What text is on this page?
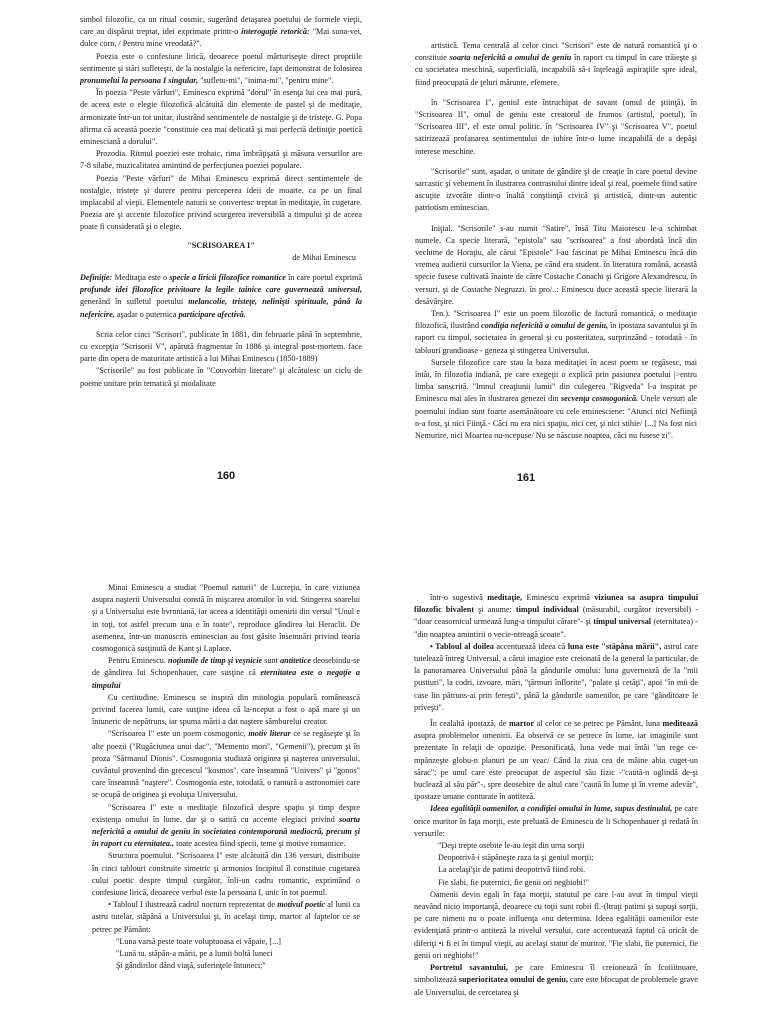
simbol filozofic, ca un ritual cosmic, sugerând detaşarea poetului de formele vieţii, care au dispărut treptat, idei exprimate printr-o interogaţie retorică: "Mai suna-vei, dulce corn, / Pentru mine vreodată?".

Poezia este o confesiune lirică, deoarece poetul mărturiseşte direct propriile sentimente şi stări sufleteşti, de la nostalgie la nefericire, fapt demonstrat de folosirea pronumelui la persoana I singular, "sufletu-mi", "inima-mi", "pentru mine".

În poezia "Peste vârfuri", Eminescu exprimă "dorul" în esenţa lui cea mai pură, de aceea este o elegie filozofică alcătuită din elemente de pastel şi de meditaţie, armonizate într-un tot unitar, ilustrând sentimentele de nostalgie şi de tristeţe. G. Popa afirma că această poezie "constituie cea mai delicată şi mai perfectă definiţie poetică eminesciană a dorului".

Prozodia. Ritmul poeziei este trohaic, rima îmbrăţişată şi măsura versurilor are 7-8 silabe, muzicalitatea amintind de perfecţiunea poeziei populare.

Poezia "Peste vârfuri" de Mihai Eminescu exprimă direct sentimentele de nostalgie, tristeţe şi durere pentru perceperea ideii de moarte, ca pe un final implacabil al vieţii. Elementele naturii se convertesc treptat în meditaţie, în cugetare. Poezia are şi accente filozofice privind scurgerea ireversibilă a timpului şi de aceea poate fi considerată şi o elegie.

"SCRISOAREA I"

de Mihai Eminescu

Definiţie: Meditaţia este o specie a liricii filozofice romantice în care poetul exprimă profunde idei filozofice privitoare la legile tainice care guvernează universul, generând în sufletul poetului melancolie, tristeţe, nelinişti spirituale, până la nefericire, aşadar o puternica participare afectivă.

Scria celor cinci "Scrisori", publicate în 1881, din februarie până în septembrie, cu excepţia "Scrisorii V", apărută fragmentar în 1886 şi integral post-mortem. face parte din opera de maturitate artistică a lui Mihai Eminescu (1850-1889)

"Scrisorile" au fost publicate în "Convorbiri literare" şi alcătuiesc un ciclu de poeme unitare prin tematică şi modalitate

160

artistică. Tema centrală al celor cinci "Scrisori" este de natură romantică şi o constituie soarta nefericită a omului de geniu în raport cu timpul în care trăieşte şi cu societatea meschină, superficială, incapabilă să-i înţeleagă aspiraţiile spre ideal, fiind preocupată de ţeluri mărunte, efemere.

în "Scrisoarea I", geniul este întruchipat de savant (omul de ştiinţă), în "Scrisoarea II", omul de geniu este creatorul de frumos (artistul, poetul), în "Scrisoarea III", el este omul politic. în "Scrisoarea IV" şi "Scrisoarea V", poetul satirizează profanarea sentimentului de iubire într-o lume incapabilă de a depăşi interese meschine.

"Scrisorile" sunt, aşadar, o unitate de gândire şi de creaţie în care poetul devine sarcastic şi vehement în ilustrarea contrastului dintre ideal şi real, poemele fiind satire ascuţite izvorâte dintr-o înaltă conştiinţă civică şi artistică, dintr-un autentic patriotism eminescian.

Iniţial. "Scrisorile" s-au numit "Satire", însă Titu Maiorescu le-a schimbat numele. Ca specie literară, "epistola" sau "scrisoarea" a fost abordată încă din vechime de Horaţiu, ale cărui "Epistole" l-au fascinat pe Mihai Eminescu încă din vremea audierii cursurilor la Viena, pe când era student. în literatura română, această specie fusese cultivată înainte de către Costache Conachi şi Grigore Alexandrescu, în versuri, şi de Costache Negruzzi. în pro/..: Eminescu duce această specie literară la desăvârşire.

Ten.). "Scrisoarea I" este un poem filozofic de factură romantică, o meditaţie filozofică, ilustrând condiţia nefericită a omului de geniu, în ipostaza savantului şi în raport cu timpul, societatea în general şi cu posteritatea, surprinzând - totodată - în tablouri grandioase - geneza şi stingerea Universului.

Sursele filozofice care stau la baza meditaţiei în acest poem se regăsesc, mai întâi, în filozofia indiană, pe care exegeţii o explică prin pasiunea poetului |>entru limba sanscrită. "Imnul creaţiunii lumii" din culegerea "Rigveda" l-a inspirat pe Eminescu mai ales în ilustrarea genezei din secvenţa cosmogonică. Unele versuri ale poemului indian sunt foarte asemănătoare cu cele eminesciene: "Atunci nici Nefiinţă n-a fost, şi nici Fiinţă.- Căci nu era nici spaţiu, nici cer, şi nici stihie/ [...] Na fost nici Nemurire, nici Moartea nu-ncepuse/ Nu se născuse noaptea, căci nu fusese zi".

161

Minai Eminescu a studiat "Poemul naturii" de Lucreţiu, în care viziunea asupra naşterii Universului constă în mişcarea atomilor în vid. Stingerea soarelui şi a Universului este bvroniană, iar aceea a identităţii omenirii din versul "Unul e in toţi, tot astfel precum una e în toate", reproduce gândirea lui Heraclit. De asemenea, într-un manuscris eminescian au fost găsite însemnări privind teoria cosmogonică susţinută de Kant şi Laplace.

Pentru Eminescu. noţiunile de timp şi veşnicie sunt antitetice deosebindu-se de gândirea lui Schopenhauer, care susţine că eternitatea este o negaţie a timpului

Cu certitudine, Eminescu se inspiră din mitologia populară românească privind facerea lumii, care susţine ideea că la-nceput a fost o apă mare şi un întuneric de nepătruns, iar spuma mării a dat naştere sâmburelui creator.

"Scrisoarea I" este un poem cosmogonic, motiv literar ce se regăseşte şi în alte poezii ("Rugăciunea unui dac", "Memento mori", "Gemenii"), precum şi în proza "Sărmanul Dionis". Cosmogonia studiază originea şi naşterea universului, cuvântul provenind din grecescul "kosmos". care înseamnă "Univers" şi "gonos" care înseamnă "naştere". Cosmogonia este, totodată, o ramură a astronomiei care se ocupă de originea şi evoluţia Universului.

"Scrisoarea I" este o meditaţie filozofică despre spaţiu şi timp despre existenţa omului în lume. dar şi o satiră cu accente elegiaci privind soarta nefericită a omului de geniu în societatea contemporană mediocră, precum şi în raport cu eternitatea., toate acestea fiind specii, teme şi motive romantice.

Structura poemului. "Scrisoarea I" este alcătuită din 136 versuri, distribuite în cinci tablouri construite simetric şi armonios Incipitul îl constituie cugetarea cului poetic despre timpul curgător, înli-un cadru romantic, exprimând o confesiune lirică, deoarece verbul este la persoana I, unic în tot poemul.

• Tabloul I ilustrează cadrul nocturn reprezentat de motivul poetic al lunii ca astru tutelar, stăpână a Universului şi, în acelaşi timp, martor al faptelor ce se petrec pe Pământ:

"Luna varsă peste toate voluptuoasa ei văpaie, [...]

"Lună tu. stăpân-a mării, pe a lumii boltă luneci

Şi gândirilor dând viaţă, suferinţele întuneci;"

într-o sugestivă meditaţie, Eminescu exprimă viziunea sa asupra timpului filozofic bivalent şi anume: timpul individual (măsurabil, curgător ireversibil) - "doar ceasornicul urmează lung-a timpului cărare"- şi timpul universal (eternitatea) - "din noaptea amintirii o vecie-ntreagă scoate".

• Tabloul al doilea accentuează ideea că luna este "stăpâna mării", astrul care tutelează întreg Universul, a cărui imagine este creionată de la general la particular, de la panoramarea Universului până la gândurile omului: luna guvernează de la "mii pustiuri", la codri, izvoare, mări, "ţărmuri înflorite", "palate şi cetăţi", apoi "în mii de case lin pătruns-ai prin ferești", până la gândurile oamenilor, pe care "gânditoare le priveşti".

În cealaltă ipostază, de martor al celor ce se petrec pe Pământ, luna meditează asupra problemelor omenirii. Ea observă ce se petrece în lume, iar imaginile sunt prezentate în relaţii de opoziţie. Personificată, luna vede mai întâi "un rege ce-mpânzeşte globu-n planuri pe un veac/ Când la ziua cea de mâine abia cuget-un sărac"; pe unul care este preocupat de aspectul său fizic -"caută-n oglindă de-şi bucleazâ al său păr"-, spre deosebire de altul care "caută în lume şi în vreme adevăr", ipostaze umane conturate în antiteză.

Ideea egalităţii oamenilor, a condiţiei omului în lume, supus destinului, pe care orice muritor în faţa morţii, este preluată de Eminescu de li Schopenhauer şi redată în versurile:

"Deşi trepte osebite le-au ieşit din urna sorţii

Deopotrivă-i stăpâneşte raza ta şi geniul morţii;

La acelaşi'şir de patimi deopotrivă fiind robi.

Fie slabi, fie puternici, fie genii ori neghiobi!"

Oamenii devin egali în faţa morţii, statutul pe care l-au avut în timpul vieţii neavând nicio importanţă, deoarece cu toţii sunt robii fl.-(ltraţi patimi şi supuşi sorţii, pe care nimeni nu o poate influenţa «nu determina. Ideea egalităţii oamenilor este evidenţiată printr-o antiteză la nivelul versului, care accentuează faptul că oricât de diferiţi •i fi ei în timpul vieţii, au acelaşi statut de muritor. "Fie slabi, fie puternici, fie genii ori neghiobi!"

Portretul savantului, pe care Eminescu îl creionează în fcoiiiinuare, simbolizează superioritatea omului de geniu, care este bfocupat de problemele grave ale Universului, de cercetarea şi
